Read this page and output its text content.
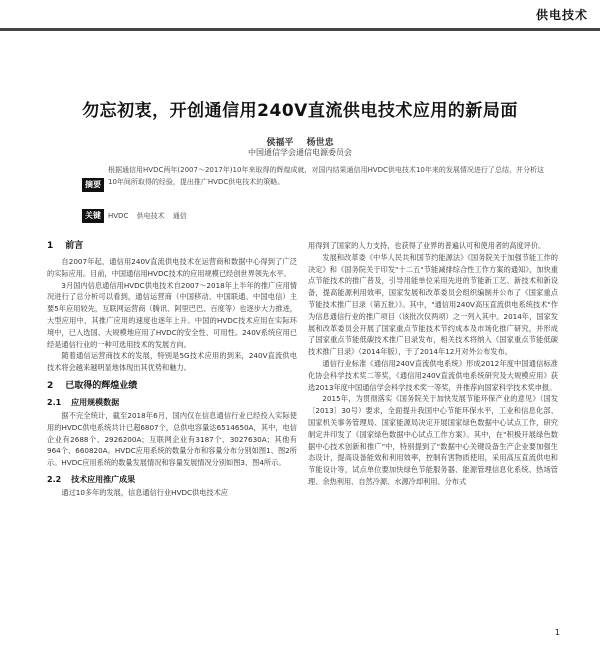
供电技术
勿忘初衷，开创通信用240V直流供电技术应用的新局面
侯福平 杨世忠
中国通信学会通信电源委员会
摘要
根据通信用HVDC两年(2007～2017年)10年来取得的辉煌成就，对国内结果通信用HVDC供电技术10年来的发展情况进行了总结，并分析这10年间所取得的经验，提出推广HVDC供电技术的策略。
关键词
HVDC 供电技术 通信
1 前言

自2007年起，通信用240V直流供电技术在运营商和数据中心得到了广泛的实际应用。目前，中国通信用HVDC技术的应用规模已经创世界领先水平。

3月国内信息通信用HVDC供电技术自2007～2018年上半年的推广应用情况进行了总分析可以看到，通信运营商（中国移动、中国联通、中国电信）主要5年应用较先，互联网运营商（腾讯、阿里巴巴、百度等）也逐步大力推进，大型应用中，其推广应用的速度也逐年上升。中国的HVDC技术应用在实际环境中，已入选国、大规模地应用了HVDC的安全性、可用性。240V系统应用已经是通信行业的一种可选用技术的发展方向。

随着通信运营商技术的发展，特别是5G技术应用的到来，240V直流供电技术将会越来越明显地体现出其优势和魅力。

2 已取得的辉煌业绩
2.1 应用规模数据

据不完全统计，截至2018年6月，国内仅在信息通信行业已经投入实际使用的HVDC供电系统共计已超6807个，总供电容量达6514650A，其中，电信企业有2688个、2926200A；互联网企业有3187个、3027630A；其他有964个、660820A。HVDC应用系统的数量分布和容量分布分别如图1、图2所示。HVDC应用系统的数量发展情况和容量发展情况分别如图3、图4所示。

2.2 技术应用推广成果

通过10多年的发展，信息通信行业HVDC供电技术应

用得到了国家的人力支持，也获得了业界的普遍认可和使用者的高度评价。

发展和改革委《中华人民共和国节约能源法》《国务院关于加强节能工作的决定》和《国务院关于印发"十二五"节能减排综合性工作方案的通知》，加快重点节能技术的推广普及，引导用能单位采用先进的节能新工艺、新技术和新设备，提高能源利用效率，国家发展和改革委员会组织编制并公布了《国家重点节能技术推广目录（第五批）》。其中，"通信用240V高压直流供电系统技术"作为信息通信行业的推广项目（该批次仅两项）之一列入其中。2014年，国家发展和改革委员会开展了国家重点节能技术节约成本及市场化推广研究，并形成了国家重点节能低碳技术推广目录发布，相关技术将纳入《国家重点节能低碳技术推广目录》（2014年版），于了2014年12月对外公布发布。

通信行业标准《通信用240V直流供电系统》形成2012年度中国通信标准化协会科学技术奖二等奖，《通信用240V直流供电系统研究及大规模应用》获选2013年度中国通信学会科学技术奖一等奖，并推荐向国家科学技术奖申报。

2015年，为贯彻落实《国务院关于加快发展节能环保产业的意见》（国发〔2013〕30号）要求，全面提升我国中心节能环保水平，工业和信息化部、国家机关事务管理局、国家能源局决定开展国家绿色数据中心试点工作，研究制定并印发了《国家绿色数据中心试点工作方案》。其中，在"积极开展绿色数据中心技术创新和推广"中，特别提到了"数据中心关键设备生产企业要加强生态设计，提高设备能效和利用效率，控制有害物质使用，采用高压直流供电和节能设计等，试点单位要加快绿色节能服务器、能源管理信息化系统、热场管理、余热利用、自然冷源、水源冷却利用、分布式

1
